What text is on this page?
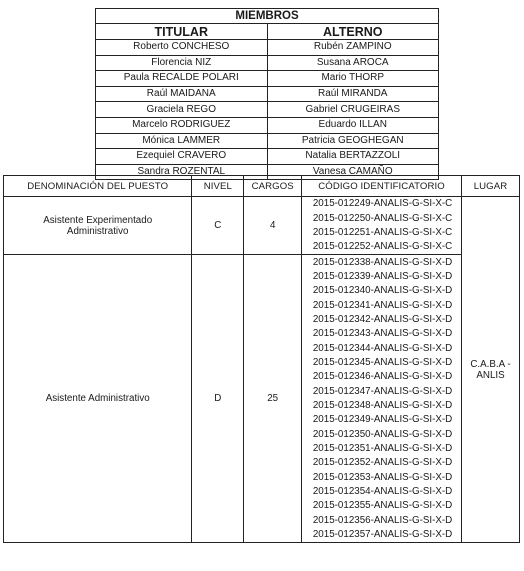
MIEMBROS	
TITULAR	ALTERNO
Roberto CONCHESO	Rubén ZAMPINO
Florencia NIZ	Susana AROCA
Paula RECALDE POLARI	Mario THORP
Raúl MAIDANA	Raúl MIRANDA
Graciela REGO	Gabriel CRUGEIRAS
Marcelo RODRIGUEZ	Eduardo ILLAN
Mónica LAMMER	Patricia GEOGHEGAN
Ezequiel CRAVERO	Natalia BERTAZZOLI
Sandra ROZENTAL	Vanesa CAMAÑO
DENOMINACIÓN DEL PUESTO	NIVEL	CARGOS	CÓDIGO IDENTIFICATORIO	LUGAR
Asistente Experimentado Administrativo	C	4	2015-012249-ANALIS-G-SI-X-C	C.A.B.A - ANLIS
			2015-012250-ANALIS-G-SI-X-C	
			2015-012251-ANALIS-G-SI-X-C	
			2015-012252-ANALIS-G-SI-X-C	
Asistente Administrativo	D	25	2015-012338-ANALIS-G-SI-X-D	
			2015-012339-ANALIS-G-SI-X-D	
			2015-012340-ANALIS-G-SI-X-D	
			2015-012341-ANALIS-G-SI-X-D	
			2015-012342-ANALIS-G-SI-X-D	
			2015-012343-ANALIS-G-SI-X-D	
			2015-012344-ANALIS-G-SI-X-D	
			2015-012345-ANALIS-G-SI-X-D	
			2015-012346-ANALIS-G-SI-X-D	
			2015-012347-ANALIS-G-SI-X-D	
			2015-012348-ANALIS-G-SI-X-D	
			2015-012349-ANALIS-G-SI-X-D	
			2015-012350-ANALIS-G-SI-X-D	
			2015-012351-ANALIS-G-SI-X-D	
			2015-012352-ANALIS-G-SI-X-D	
			2015-012353-ANALIS-G-SI-X-D	
			2015-012354-ANALIS-G-SI-X-D	
			2015-012355-ANALIS-G-SI-X-D	
			2015-012356-ANALIS-G-SI-X-D	
			2015-012357-ANALIS-G-SI-X-D	
